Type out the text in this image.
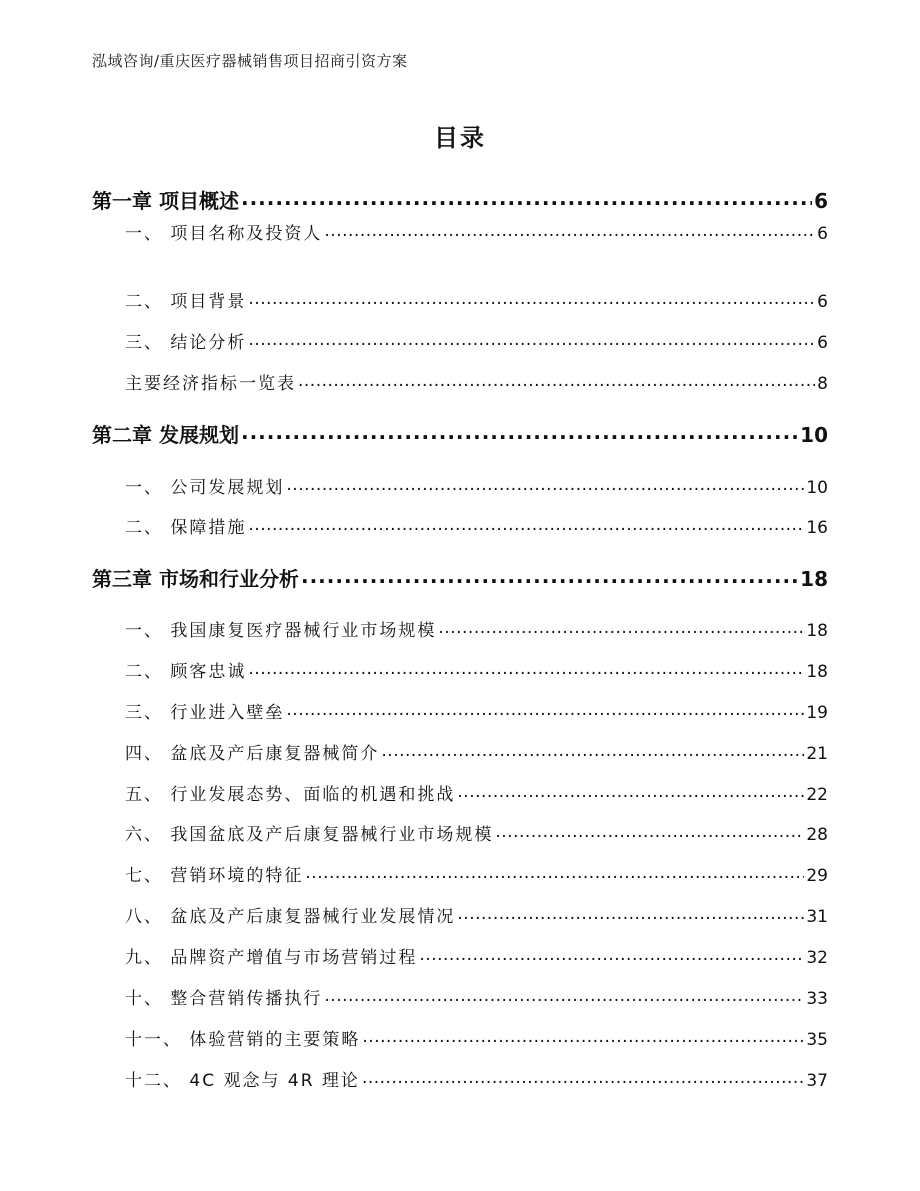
泓域咨询/重庆医疗器械销售项目招商引资方案
目录
第一章 项目概述 .....	6
一、 项目名称及投资人 .....	6
二、 项目背景 .....	6
三、 结论分析 .....	6
主要经济指标一览表 .....	8
第二章 发展规划 .....	10
一、 公司发展规划 .....	10
二、 保障措施 .....	16
第三章 市场和行业分析 .....	18
一、 我国康复医疗器械行业市场规模 .....	18
二、 顾客忠诚 .....	18
三、 行业进入壁垒 .....	19
四、 盆底及产后康复器械简介 .....	21
五、 行业发展态势、面临的机遇和挑战 .....	22
六、 我国盆底及产后康复器械行业市场规模 .....	28
七、 营销环境的特征 .....	29
八、 盆底及产后康复器械行业发展情况 .....	31
九、 品牌资产增值与市场营销过程 .....	32
十、 整合营销传播执行 .....	33
十一、 体验营销的主要策略 .....	35
十二、 4C 观念与 4R 理论 .....	37
